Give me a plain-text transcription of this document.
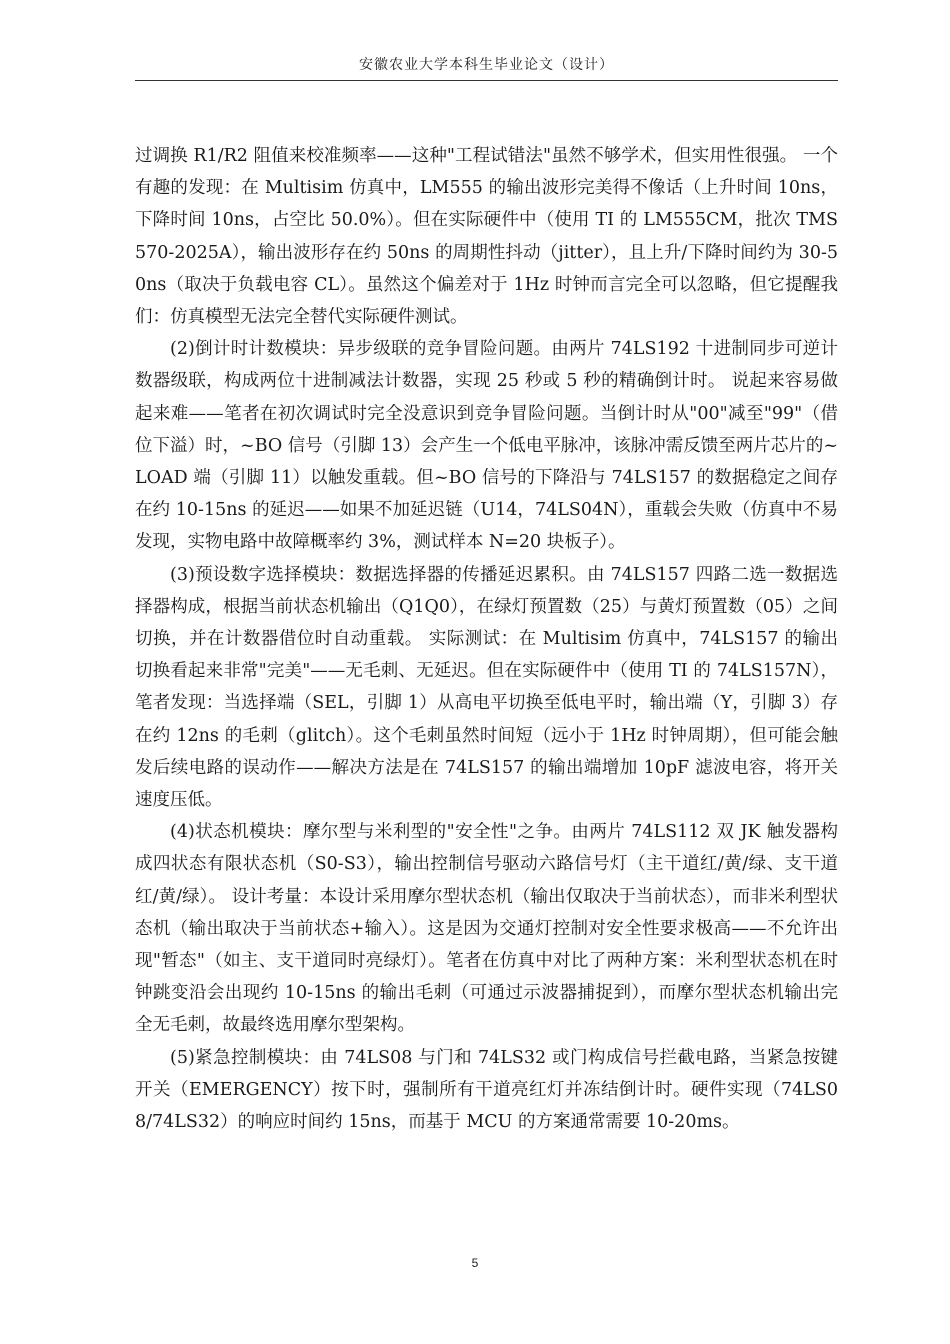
安徽农业大学本科生毕业论文（设计）

过调换 R1/R2 阻值来校准频率——这种"工程试错法"虽然不够学术，但实用性很强。 一个有趣的发现：在 Multisim 仿真中，LM555 的输出波形完美得不像话（上升时间 10ns，下降时间 10ns，占空比 50.0%）。但在实际硬件中（使用 TI 的 LM555CM，批次 TMS570-2025A），输出波形存在约 50ns 的周期性抖动（jitter），且上升/下降时间约为 30-50ns（取决于负载电容 CL）。虽然这个偏差对于 1Hz 时钟而言完全可以忽略，但它提醒我们：仿真模型无法完全替代实际硬件测试。

(2)倒计时计数模块：异步级联的竞争冒险问题。由两片 74LS192 十进制同步可逆计数器级联，构成两位十进制减法计数器，实现 25 秒或 5 秒的精确倒计时。 说起来容易做起来难——笔者在初次调试时完全没意识到竞争冒险问题。当倒计时从"00"减至"99"（借位下溢）时，~BO 信号（引脚 13）会产生一个低电平脉冲，该脉冲需反馈至两片芯片的~LOAD 端（引脚 11）以触发重载。但~BO 信号的下降沿与 74LS157 的数据稳定之间存在约 10-15ns 的延迟——如果不加延迟链（U14，74LS04N），重载会失败（仿真中不易发现，实物电路中故障概率约 3%，测试样本 N=20 块板子）。

(3)预设数字选择模块：数据选择器的传播延迟累积。由 74LS157 四路二选一数据选择器构成，根据当前状态机输出（Q1Q0），在绿灯预置数（25）与黄灯预置数（05）之间切换，并在计数器借位时自动重载。 实际测试：在 Multisim 仿真中，74LS157 的输出切换看起来非常"完美"——无毛刺、无延迟。但在实际硬件中（使用 TI 的 74LS157N），笔者发现：当选择端（SEL，引脚 1）从高电平切换至低电平时，输出端（Y，引脚 3）存在约 12ns 的毛刺（glitch）。这个毛刺虽然时间短（远小于 1Hz 时钟周期），但可能会触发后续电路的误动作——解决方法是在 74LS157 的输出端增加 10pF 滤波电容，将开关速度压低。

(4)状态机模块：摩尔型与米利型的"安全性"之争。由两片 74LS112 双 JK 触发器构成四状态有限状态机（S0-S3），输出控制信号驱动六路信号灯（主干道红/黄/绿、支干道红/黄/绿）。 设计考量：本设计采用摩尔型状态机（输出仅取决于当前状态），而非米利型状态机（输出取决于当前状态+输入）。这是因为交通灯控制对安全性要求极高——不允许出现"暂态"（如主、支干道同时亮绿灯）。笔者在仿真中对比了两种方案：米利型状态机在时钟跳变沿会出现约 10-15ns 的输出毛刺（可通过示波器捕捉到），而摩尔型状态机输出完全无毛刺，故最终选用摩尔型架构。

(5)紧急控制模块：由 74LS08 与门和 74LS32 或门构成信号拦截电路，当紧急按键开关（EMERGENCY）按下时，强制所有干道亮红灯并冻结倒计时。硬件实现（74LS08/74LS32）的响应时间约 15ns，而基于 MCU 的方案通常需要 10-20ms。

5
